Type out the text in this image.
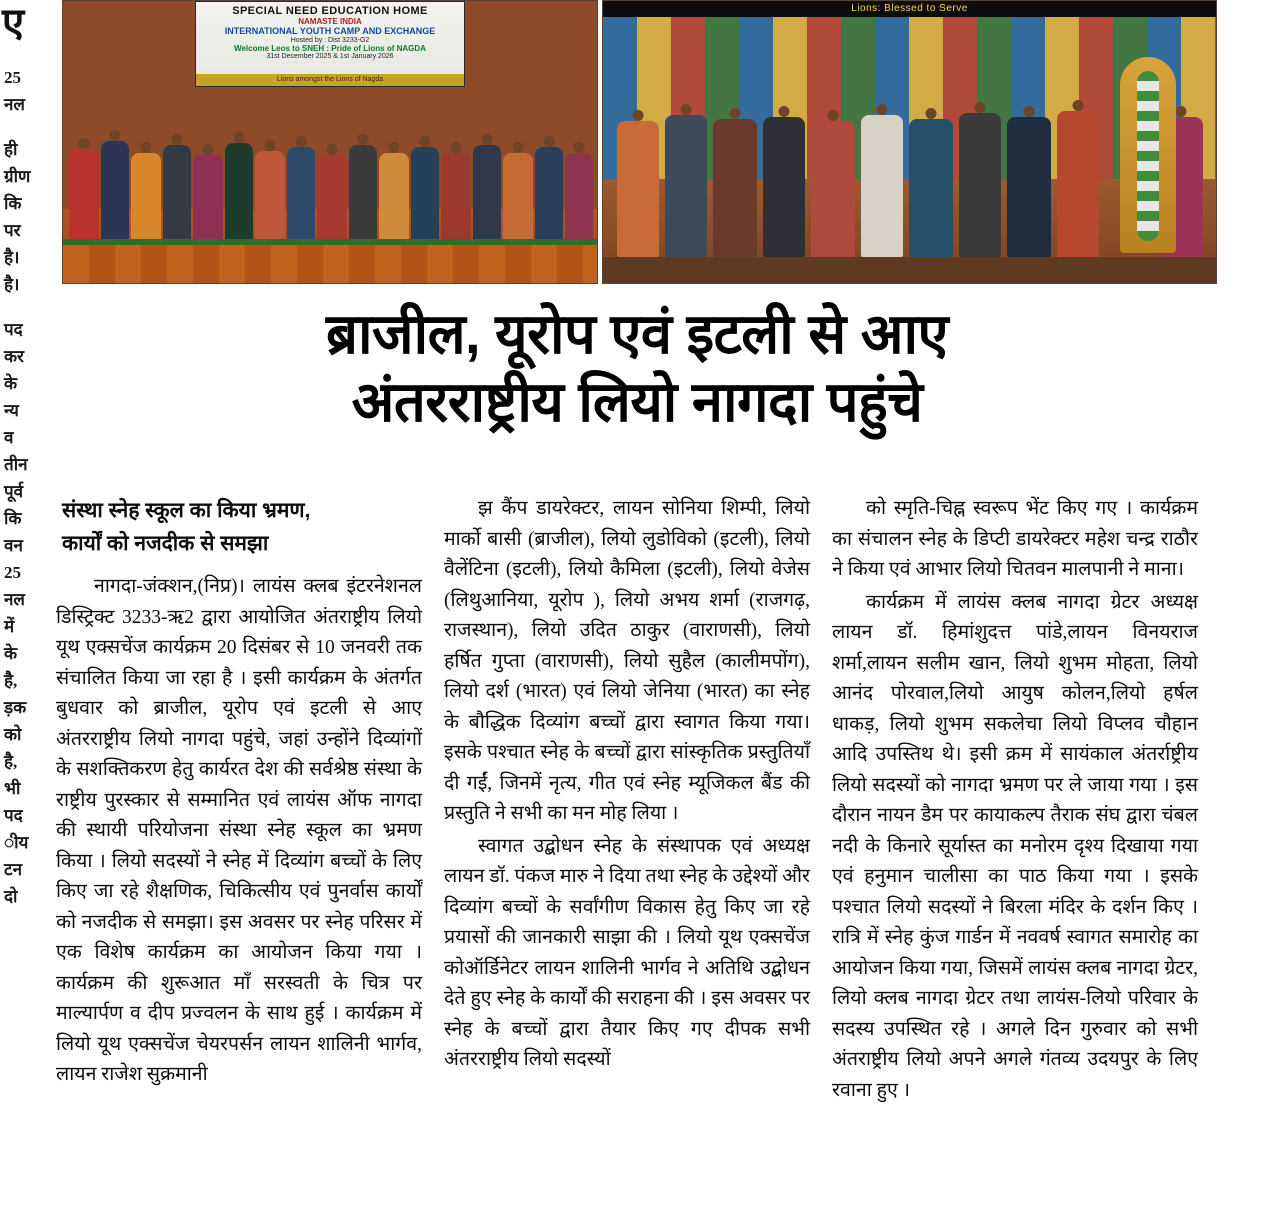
ए
25
नल
ही
ग्रीण
कि
पर
है।
है।
पद
कर
के
न्य
व
तीन
पूर्व
कि
वन
25
नल
में
के
है,
ड़क
को
है,
भी
पद
ीय
टन
दो
SPECIAL NEED EDUCATION HOME
NAMASTE INDIA
INTERNATIONAL YOUTH CAMP AND EXCHANGE
Hosted by : Dist 3233-G2
Welcome Leos to SNEH : Pride of Lions of NAGDA
31st December 2025 & 1st January 2026
Lions amongst the Lions of Nagda
Lions: Blessed to Serve
ब्राजील, यूरोप एवं इटली से आए
अंतरराष्ट्रीय लियो नागदा पहुंचे
संस्था स्नेह स्कूल का किया भ्रमण,
कार्यों को नजदीक से समझा

नागदा-जंक्शन,(निप्र)। लायंस क्लब इंटरनेशनल डिस्ट्रिक्ट 3233-ऋ2 द्वारा आयोजित अंतराष्ट्रीय लियो यूथ एक्सचेंज कार्यक्रम 20 दिसंबर से 10 जनवरी तक संचालित किया जा रहा है । इसी कार्यक्रम के अंतर्गत बुधवार को ब्राजील, यूरोप एवं इटली से आए अंतरराष्ट्रीय लियो नागदा पहुंचे, जहां उन्होंने दिव्यांगों के सशक्तिकरण हेतु कार्यरत देश की सर्वश्रेष्ठ संस्था के राष्ट्रीय पुरस्कार से सम्मानित एवं लायंस ऑफ नागदा की स्थायी परियोजना संस्था स्नेह स्कूल का भ्रमण किया । लियो सदस्यों ने स्नेह में दिव्यांग बच्चों के लिए किए जा रहे शैक्षणिक, चिकित्सीय एवं पुनर्वास कार्यों को नजदीक से समझा। इस अवसर पर स्नेह परिसर में एक विशेष कार्यक्रम का आयोजन किया गया । कार्यक्रम की शुरूआत माँ सरस्वती के चित्र पर माल्यार्पण व दीप प्रज्वलन के साथ हुई । कार्यक्रम में लियो यूथ एक्सचेंज चेयरपर्सन लायन शालिनी भार्गव, लायन राजेश सुक्रमानी

झ कैंप डायरेक्टर, लायन सोनिया शिम्पी, लियो मार्को बासी (ब्राजील), लियो लुडोविको (इटली), लियो वैलेंटिना (इटली), लियो कैमिला (इटली), लियो वेजेस (लिथुआनिया, यूरोप ), लियो अभय शर्मा (राजगढ़, राजस्थान), लियो उदित ठाकुर (वाराणसी), लियो हर्षित गुप्ता (वाराणसी), लियो सुहैल (कालीमपोंग), लियो दर्श (भारत) एवं लियो जेनिया (भारत) का स्नेह के बौद्धिक दिव्यांग बच्चों द्वारा स्वागत किया गया। इसके पश्चात स्नेह के बच्चों द्वारा सांस्कृतिक प्रस्तुतियाँ दी गईं, जिनमें नृत्य, गीत एवं स्नेह म्यूजिकल बैंड की प्रस्तुति ने सभी का मन मोह लिया ।

स्वागत उद्बोधन स्नेह के संस्थापक एवं अध्यक्ष लायन डॉ. पंकज मारु ने दिया तथा स्नेह के उद्देश्यों और दिव्यांग बच्चों के सर्वांगीण विकास हेतु किए जा रहे प्रयासों की जानकारी साझा की । लियो यूथ एक्सचेंज कोऑर्डिनेटर लायन शालिनी भार्गव ने अतिथि उद्बोधन देते हुए स्नेह के कार्यों की सराहना की । इस अवसर पर स्नेह के बच्चों द्वारा तैयार किए गए दीपक सभी अंतरराष्ट्रीय लियो सदस्यों

को स्मृति-चिह्न स्वरूप भेंट किए गए । कार्यक्रम का संचालन स्नेह के डिप्टी डायरेक्टर महेश चन्द्र राठौर ने किया एवं आभार लियो चितवन मालपानी ने माना।

कार्यक्रम में लायंस क्लब नागदा ग्रेटर अध्यक्ष लायन डॉ. हिमांशुदत्त पांडे,लायन विनयराज शर्मा,लायन सलीम खान, लियो शुभम मोहता, लियो आनंद पोरवाल,लियो आयुष कोलन,लियो हर्षल धाकड़, लियो शुभम सकलेचा लियो विप्लव चौहान आदि उपस्तिथ थे। इसी क्रम में सायंकाल अंतर्राष्ट्रीय लियो सदस्यों को नागदा भ्रमण पर ले जाया गया । इस दौरान नायन डैम पर कायाकल्प तैराक संघ द्वारा चंबल नदी के किनारे सूर्यास्त का मनोरम दृश्य दिखाया गया एवं हनुमान चालीसा का पाठ किया गया । इसके पश्चात लियो सदस्यों ने बिरला मंदिर के दर्शन किए । रात्रि में स्नेह कुंज गार्डन में नववर्ष स्वागत समारोह का आयोजन किया गया, जिसमें लायंस क्लब नागदा ग्रेटर, लियो क्लब नागदा ग्रेटर तथा लायंस-लियो परिवार के सदस्य उपस्थित रहे । अगले दिन गुरुवार को सभी अंतराष्ट्रीय लियो अपने अगले गंतव्य उदयपुर के लिए रवाना हुए ।
